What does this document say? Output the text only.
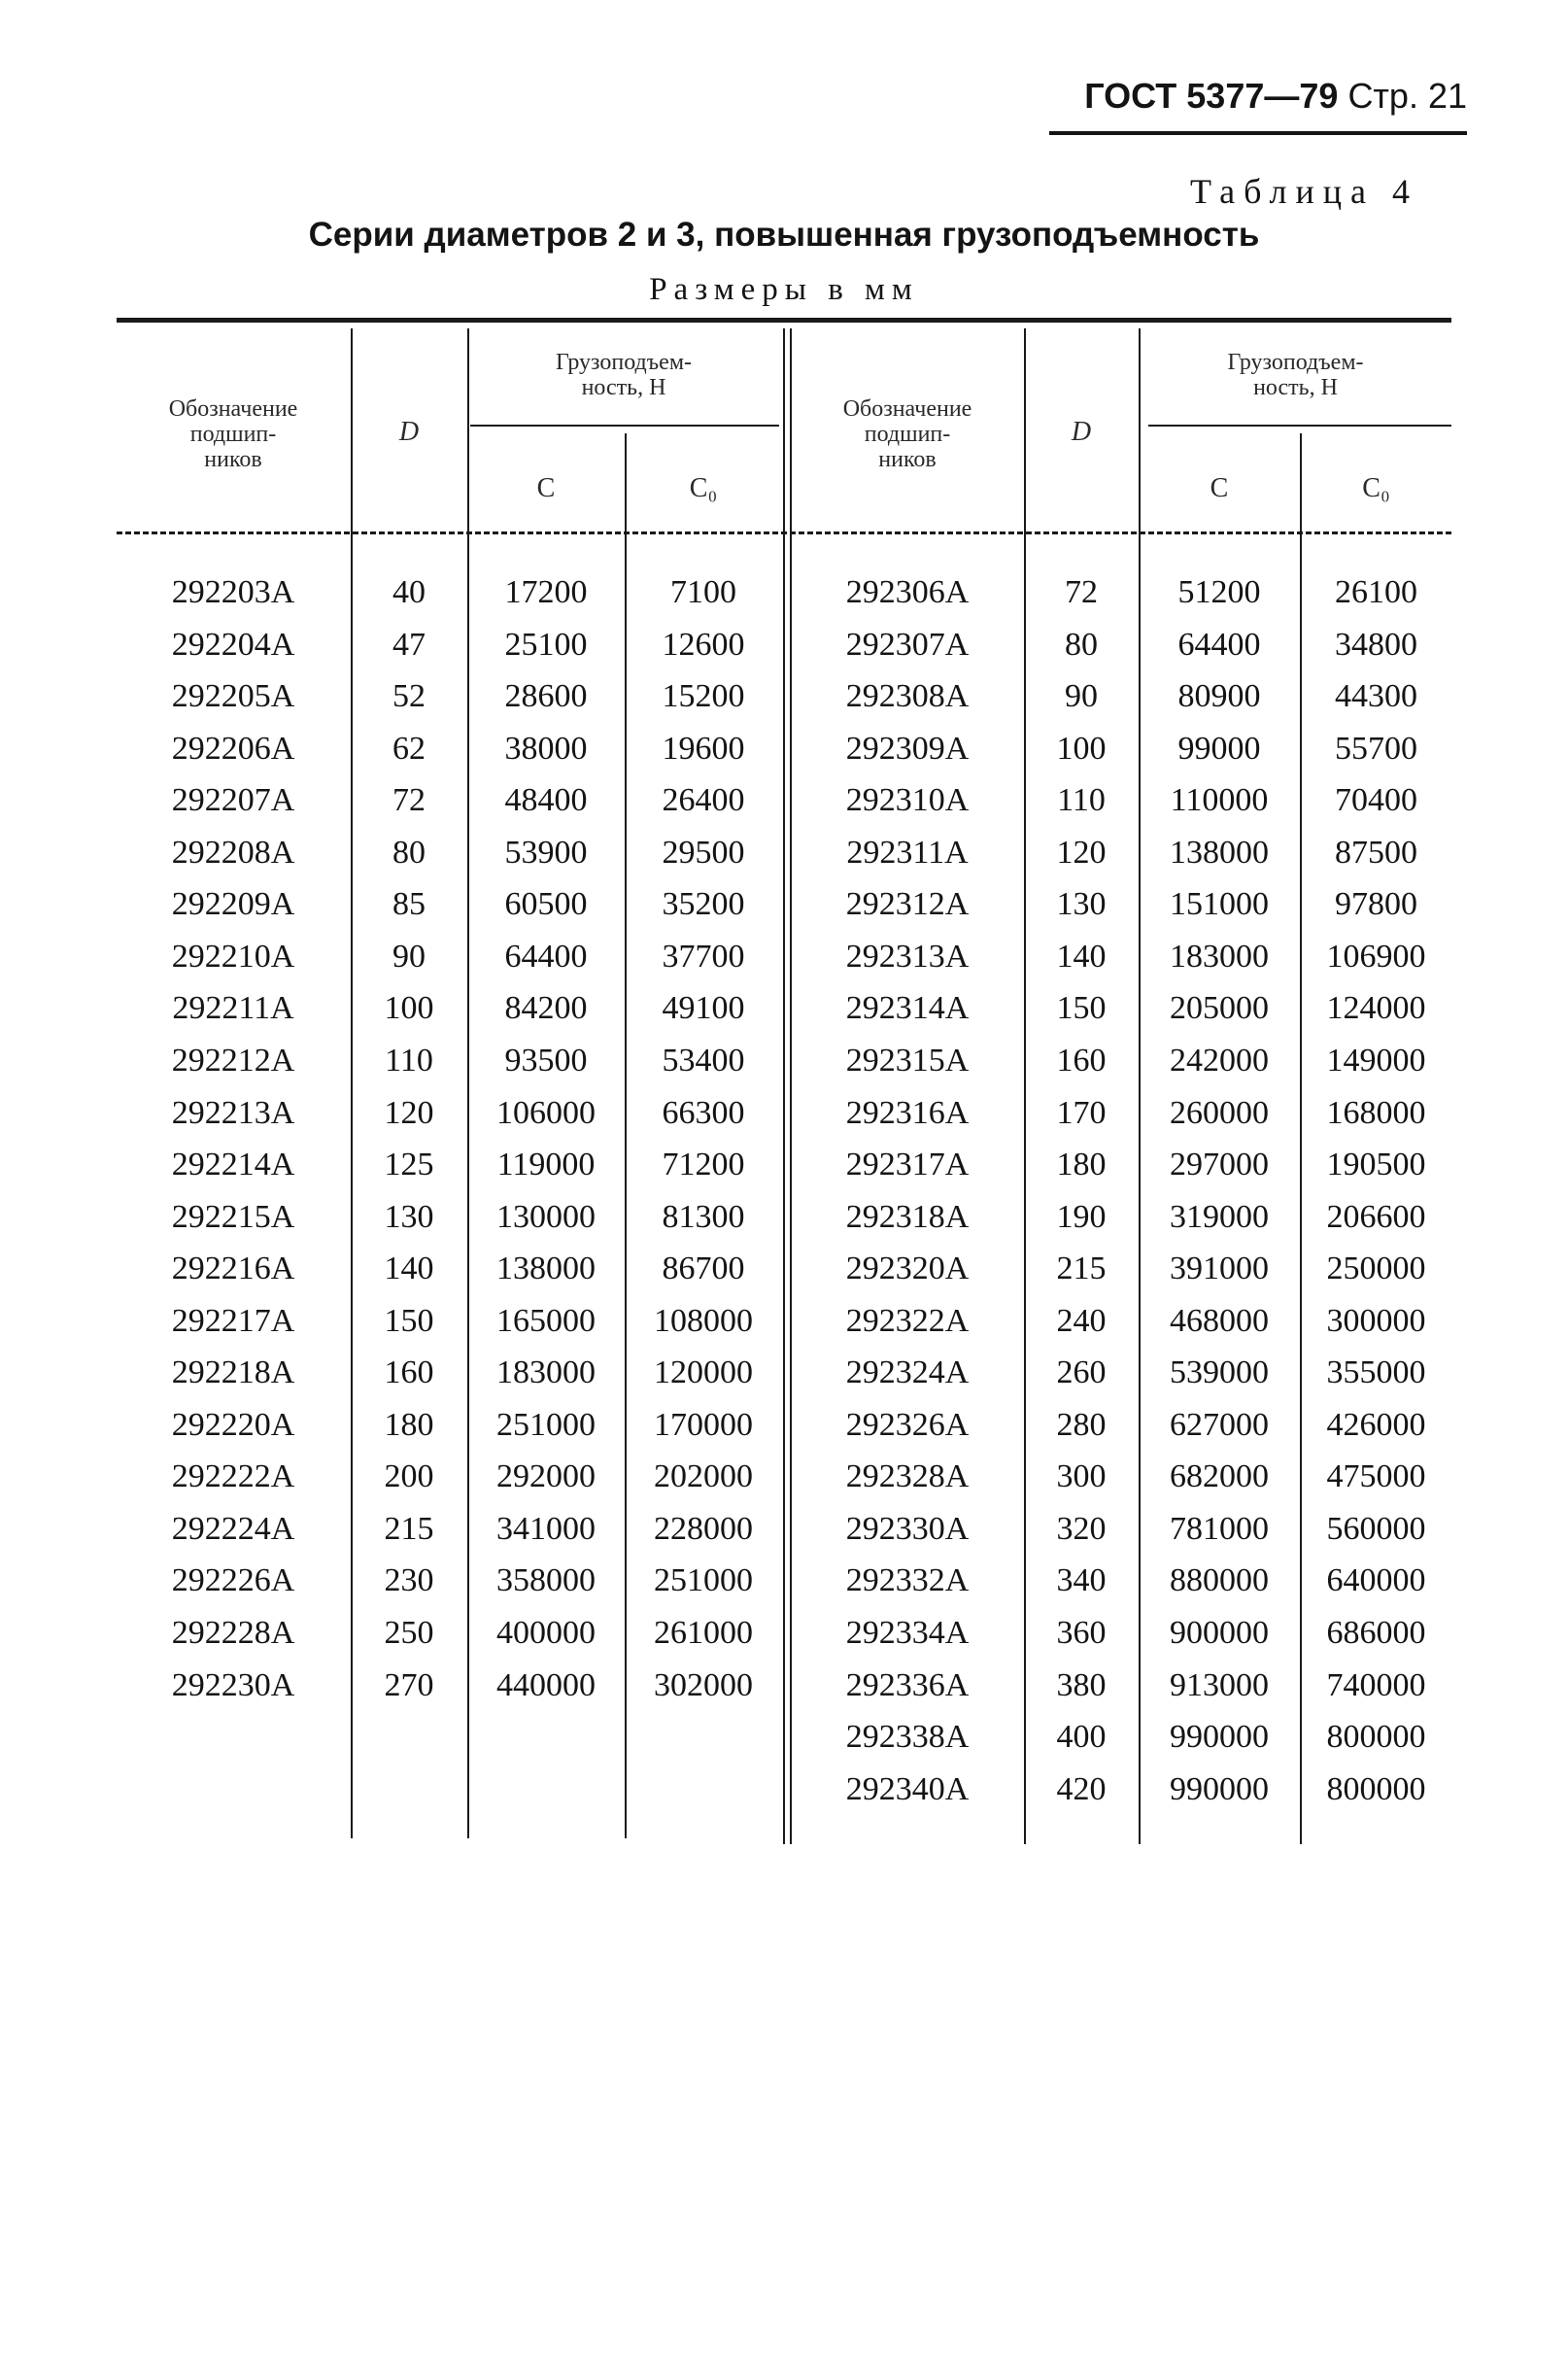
ГОСТ 5377—79 Стр. 21
Таблица 4
Серии диаметров 2 и 3, повышенная грузоподъемность
Размеры в мм
Обозначение
подшип-
ников
D
Грузоподъем-
ность, Н
C	C₀
Обозначение
подшип-
ников
D
Грузоподъем-
ность, Н
C	C₀
292203A	40	17200	7100	292306A	72	51200	26100
292204A	47	25100	12600	292307A	80	64400	34800
292205A	52	28600	15200	292308A	90	80900	44300
292206A	62	38000	19600	292309A	100	99000	55700
292207A	72	48400	26400	292310A	110	110000	70400
292208A	80	53900	29500	292311A	120	138000	87500
292209A	85	60500	35200	292312A	130	151000	97800
292210A	90	64400	37700	292313A	140	183000	106900
292211A	100	84200	49100	292314A	150	205000	124000
292212A	110	93500	53400	292315A	160	242000	149000
292213A	120	106000	66300	292316A	170	260000	168000
292214A	125	119000	71200	292317A	180	297000	190500
292215A	130	130000	81300	292318A	190	319000	206600
292216A	140	138000	86700	292320A	215	391000	250000
292217A	150	165000	108000	292322A	240	468000	300000
292218A	160	183000	120000	292324A	260	539000	355000
292220A	180	251000	170000	292326A	280	627000	426000
292222A	200	292000	202000	292328A	300	682000	475000
292224A	215	341000	228000	292330A	320	781000	560000
292226A	230	358000	251000	292332A	340	880000	640000
292228A	250	400000	261000	292334A	360	900000	686000
292230A	270	440000	302000	292336A	380	913000	740000
292338A	400	990000	800000
292340A	420	990000	800000
